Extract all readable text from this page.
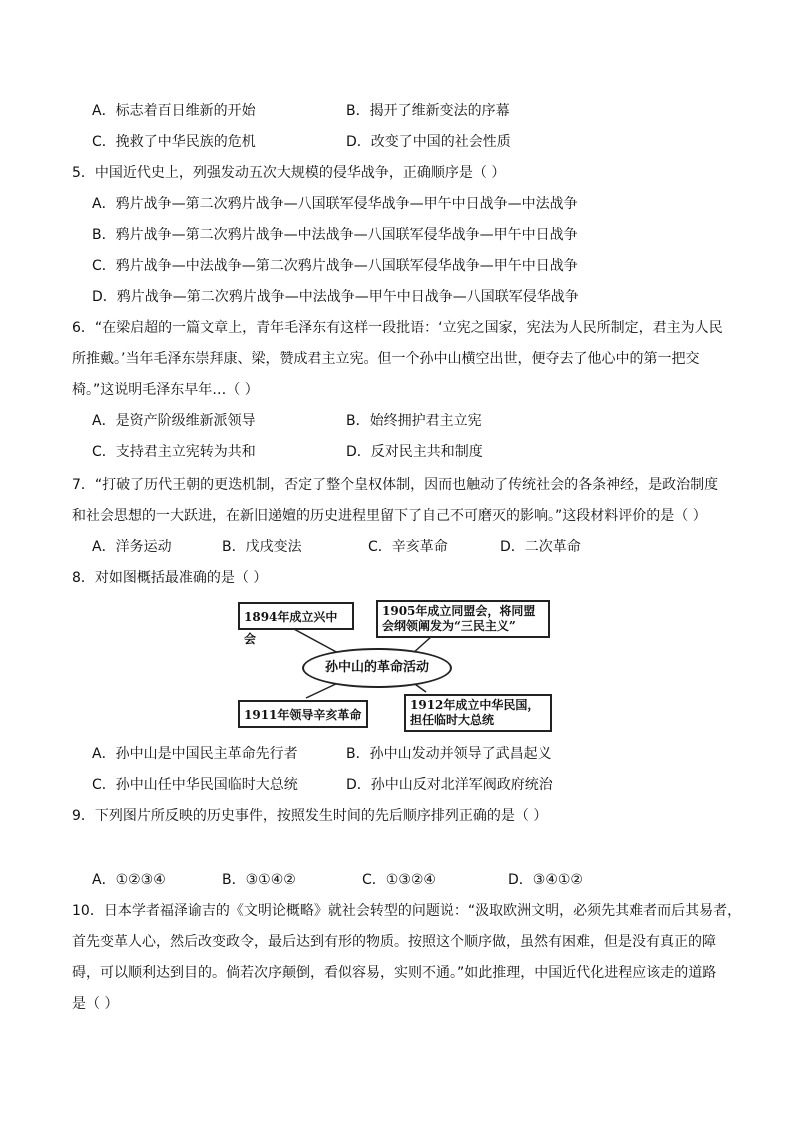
A．标志着百日维新的开始	B．揭开了维新变法的序幕
C．挽救了中华民族的危机	D．改变了中国的社会性质
5．中国近代史上，列强发动五次大规模的侵华战争，正确顺序是（ ）
A．鸦片战争—第二次鸦片战争—八国联军侵华战争—甲午中日战争—中法战争
B．鸦片战争—第二次鸦片战争—中法战争—八国联军侵华战争—甲午中日战争
C．鸦片战争—中法战争—第二次鸦片战争—八国联军侵华战争—甲午中日战争
D．鸦片战争—第二次鸦片战争—中法战争—甲午中日战争—八国联军侵华战争
6．“在梁启超的一篇文章上，青年毛泽东有这样一段批语：‘立宪之国家，宪法为人民所制定，君主为人民
所推戴。’当年毛泽东崇拜康、梁，赞成君主立宪。但一个孙中山横空出世，便夺去了他心中的第一把交
椅。”这说明毛泽东早年…（ ）
A．是资产阶级维新派领导	B．始终拥护君主立宪
C．支持君主立宪转为共和	D．反对民主共和制度
7．“打破了历代王朝的更迭机制，否定了整个皇权体制，因而也触动了传统社会的各条神经，是政治制度
和社会思想的一大跃进，在新旧递嬗的历史进程里留下了自己不可磨灭的影响。”这段材料评价的是（ ）
A．洋务运动	B．戊戌变法	C．辛亥革命	D．二次革命
8．对如图概括最准确的是（ ）
1894年成立兴中会
1905年成立同盟会，将同盟会纲领阐发为“三民主义”
孙中山的革命活动
1911年领导辛亥革命
1912年成立中华民国，担任临时大总统
A．孙中山是中国民主革命先行者	B．孙中山发动并领导了武昌起义
C．孙中山任中华民国临时大总统	D．孙中山反对北洋军阀政府统治
9．下列图片所反映的历史事件，按照发生时间的先后顺序排列正确的是（ ）
A．①②③④	B．③①④②	C．①③②④	D．③④①②
10．日本学者福泽谕吉的《文明论概略》就社会转型的问题说：“汲取欧洲文明，必须先其难者而后其易者，
首先变革人心，然后改变政令，最后达到有形的物质。按照这个顺序做，虽然有困难，但是没有真正的障
碍，可以顺利达到目的。倘若次序颠倒，看似容易，实则不通。”如此推理，中国近代化进程应该走的道路
是（ ）
